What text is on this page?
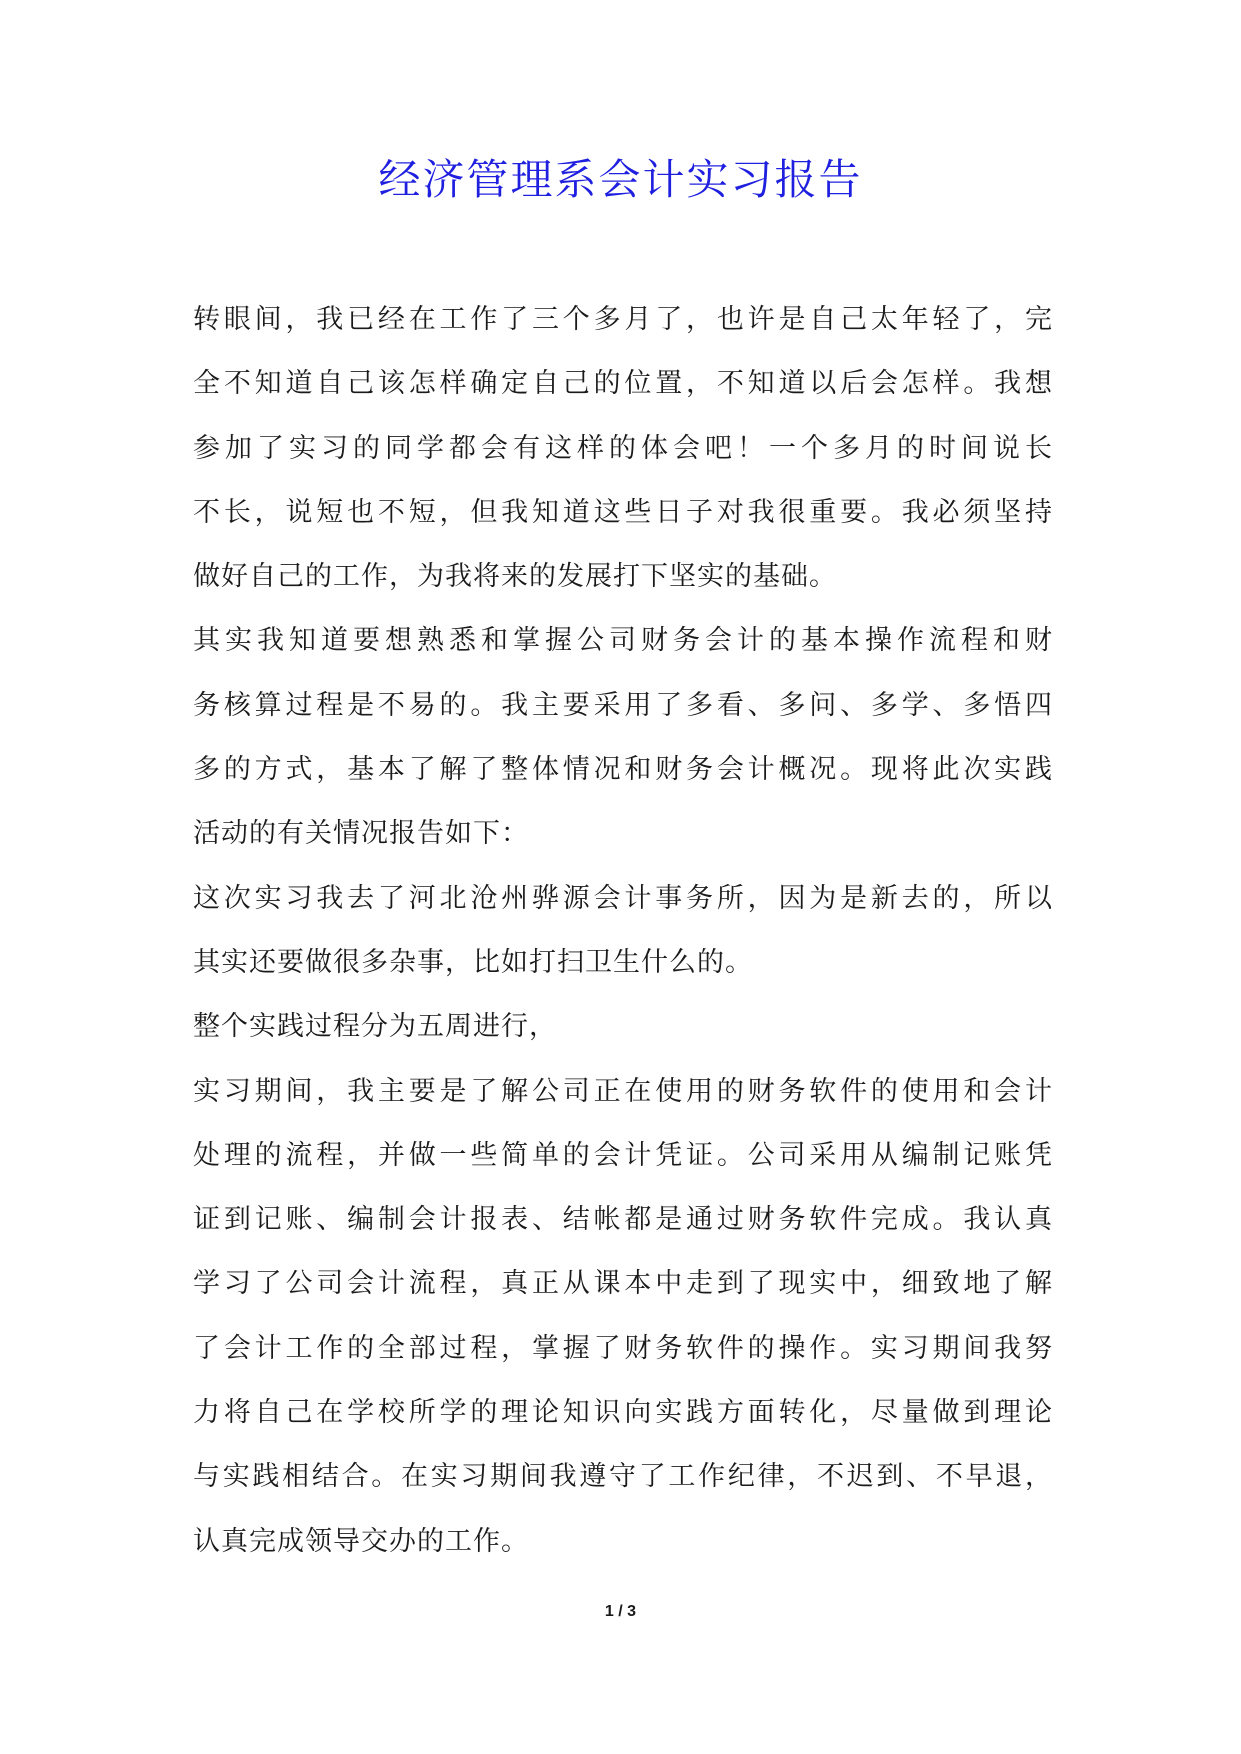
经济管理系会计实习报告
转眼间，我已经在工作了三个多月了，也许是自己太年轻了，完
全不知道自己该怎样确定自己的位置，不知道以后会怎样。我想
参加了实习的同学都会有这样的体会吧！一个多月的时间说长
不长，说短也不短，但我知道这些日子对我很重要。我必须坚持
做好自己的工作，为我将来的发展打下坚实的基础。
其实我知道要想熟悉和掌握公司财务会计的基本操作流程和财
务核算过程是不易的。我主要采用了多看、多问、多学、多悟四
多的方式，基本了解了整体情况和财务会计概况。现将此次实践
活动的有关情况报告如下：
这次实习我去了河北沧州骅源会计事务所，因为是新去的，所以
其实还要做很多杂事，比如打扫卫生什么的。
整个实践过程分为五周进行，
实习期间，我主要是了解公司正在使用的财务软件的使用和会计
处理的流程，并做一些简单的会计凭证。公司采用从编制记账凭
证到记账、编制会计报表、结帐都是通过财务软件完成。我认真
学习了公司会计流程，真正从课本中走到了现实中，细致地了解
了会计工作的全部过程，掌握了财务软件的操作。实习期间我努
力将自己在学校所学的理论知识向实践方面转化，尽量做到理论
与实践相结合。在实习期间我遵守了工作纪律，不迟到、不早退，
认真完成领导交办的工作。
1 / 3
